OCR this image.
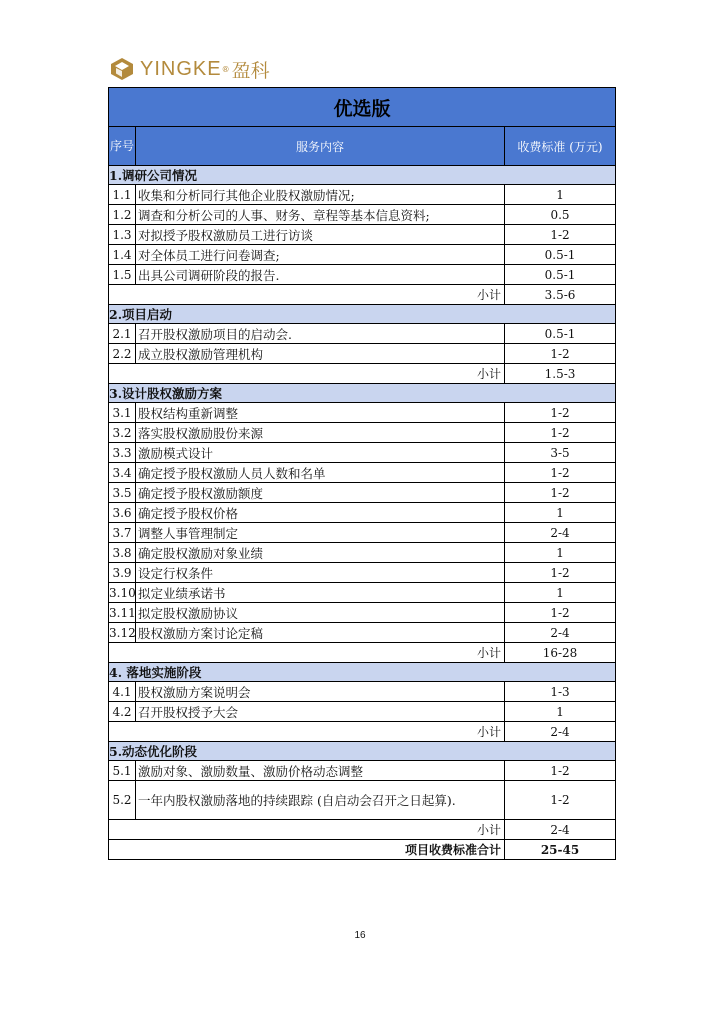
YINGKE ® 盈科
优选版		
序号	服务内容	收费标准 (万元)
1.调研公司情况		
1.1	收集和分析同行其他企业股权激励情况;	1
1.2	调查和分析公司的人事、财务、章程等基本信息资料;	0.5
1.3	对拟授予股权激励员工进行访谈	1-2
1.4	对全体员工进行问卷调查;	0.5-1
1.5	出具公司调研阶段的报告.	0.5-1
小计		3.5-6
2.项目启动		
2.1	召开股权激励项目的启动会.	0.5-1
2.2	成立股权激励管理机构	1-2
小计		1.5-3
3.设计股权激励方案		
3.1	股权结构重新调整	1-2
3.2	落实股权激励股份来源	1-2
3.3	激励模式设计	3-5
3.4	确定授予股权激励人员人数和名单	1-2
3.5	确定授予股权激励额度	1-2
3.6	确定授予股权价格	1
3.7	调整人事管理制定	2-4
3.8	确定股权激励对象业绩	1
3.9	设定行权条件	1-2
3.10	拟定业绩承诺书	1
3.11	拟定股权激励协议	1-2
3.12	股权激励方案讨论定稿	2-4
小计		16-28
4. 落地实施阶段		
4.1	股权激励方案说明会	1-3
4.2	召开股权授予大会	1
小计		2-4
5.动态优化阶段		
5.1	激励对象、激励数量、激励价格动态调整	1-2
5.2	一年内股权激励落地的持续跟踪 (自启动会召开之日起算).	1-2
小计		2-4
项目收费标准合计		25-45
16
